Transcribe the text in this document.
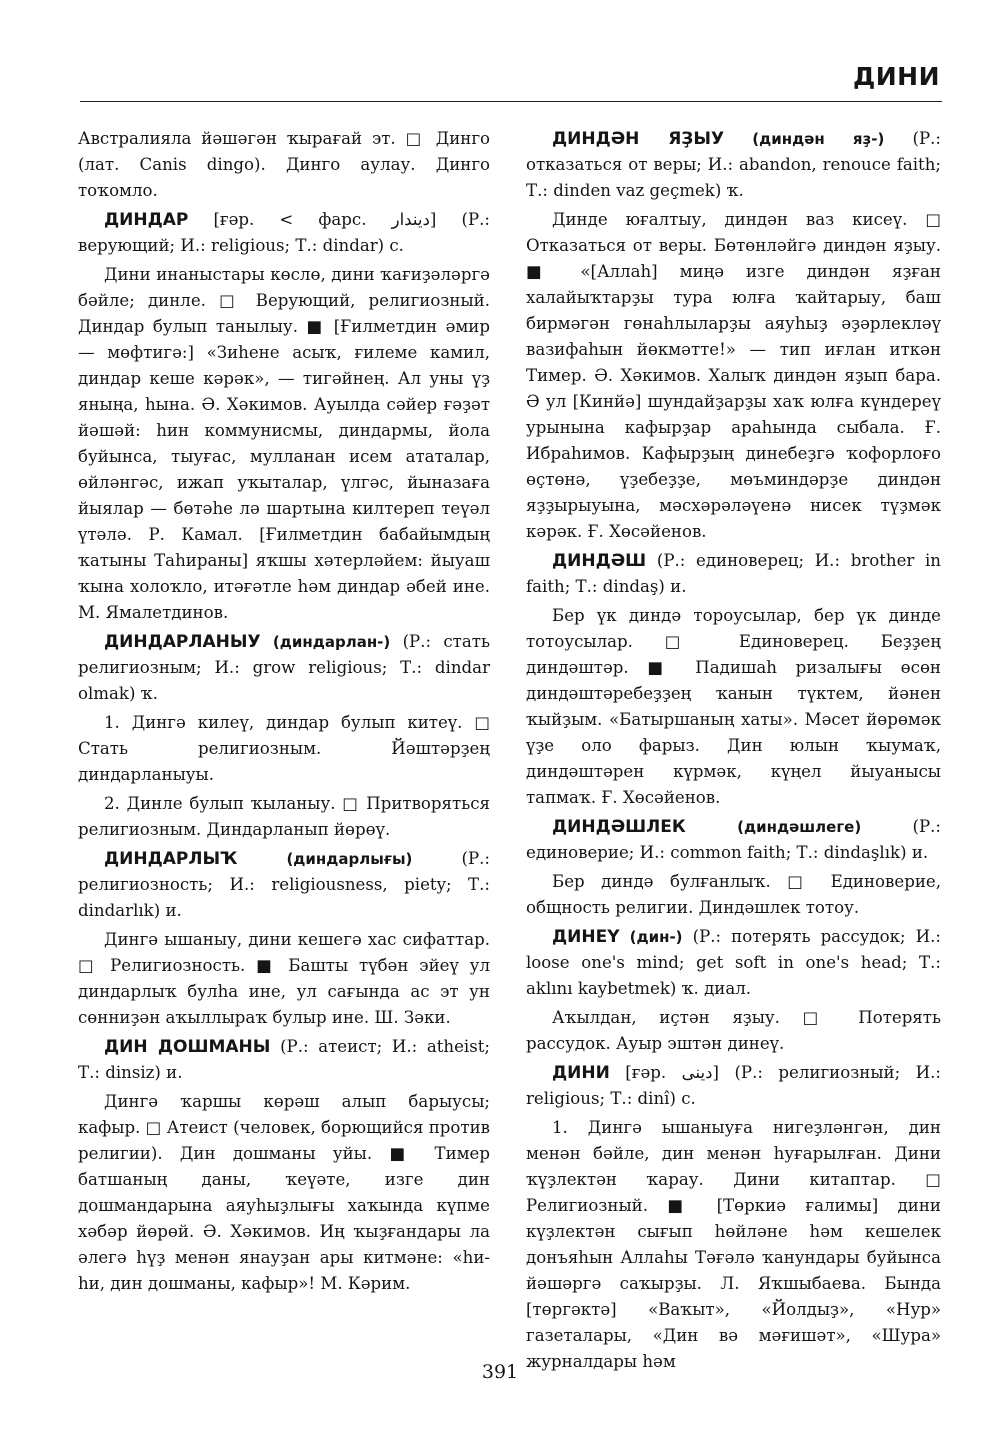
ДИНИ
Австралияла йәшәгән ҡырағай эт. □ Динго (лат. Canis dingo). Динго аулау. Динго тоҡомло.
ДИНДАР [ғәр. < фарс. دیندار] (Р.: верующий; И.: religious; Т.: dindar) с.
Дини инаныстары көслө, дини ҡағиҙәләргә бәйле; динле. □ Верующий, религиозный. Диндар булып танылыу. ■ [Ғилметдин әмир — мөфтигә:] «Зиһене асыҡ, ғилеме камил, диндар кеше кәрәк», — тигәйнең. Ал уны үҙ яныңа, һына. Ә. Хәкимов. Ауылда сәйер ғәҙәт йәшәй: һин коммунисмы, диндармы, йола буйынса, тыуғас, мулланан исем ататалар, өйләнгәс, ижап уҡыталар, үлгәс, йыназаға йыялар — бөтәһе лә шартына килтереп теүәл үтәлә. Р. Камал. [Ғилметдин бабайымдың ҡатыны Таһираны] яҡшы хәтерләйем: йыуаш ҡына холоҡло, итәғәтле һәм диндар әбей ине. М. Ямалетдинов.
ДИНДАРЛАНЫУ (диндарлан-) (Р.: стать религиозным; И.: grow religious; Т.: dindar olmak) ҡ.
1. Дингә килеү, диндар булып китеү. □ Стать религиозным. Йәштәрҙең диндарланыуы.
2. Динле булып ҡыланыу. □ Притворяться религиозным. Диндарланып йөрөү.
ДИНДАРЛЫҠ	(диндарлығы)	(Р.: религиозность; И.: religiousness, piety; Т.: dindarlık) и.
Дингә ышаныу, дини кешегә хас сифаттар. □ Религиозность. ■ Башты түбән эйеү ул диндарлыҡ булһа ине, ул сағында ас эт ун сөнниҙән аҡыллыраҡ булыр ине. Ш. Зәки.
ДИН ДОШМАНЫ (Р.: атеист; И.: atheist; Т.: dinsiz) и.
Дингә ҡаршы көрәш алып барыусы; кафыр. □ Атеист (человек, борющийся против религии). Дин дошманы уйы. ■ Тимер батшаның даны, ҡеүәте, изге дин дошмандарына аяуһыҙлығы хаҡында күпме хәбәр йөрөй. Ә. Хәкимов. Иң ҡыҙғандары ла әлегә һүҙ менән янауҙан ары китмәне: «һи-һи, дин дошманы, кафыр»! М. Кәрим.
ДИНДӘН ЯҘЫУ (диндән яҙ-) (Р.: отказаться от веры; И.: abandon, renouce faith; Т.: dinden vaz geçmek) ҡ.
Динде юғалтыу, диндән ваз кисеү. □ Отказаться от веры. Бөтөнләйгә диндән яҙыу. ■ «[Аллаһ] миңә изге диндән яҙған халайыҡтарҙы тура юлға ҡайтарыу, баш бирмәгән гөнаһлыларҙы аяуһыҙ әҙәрлекләү вазифаһын йөкмәтте!» — тип иғлан иткән Тимер. Ә. Хәкимов. Халыҡ диндән яҙып бара. Ә ул [Кинйә] шундайҙарҙы хаҡ юлға күндереү урынына кафырҙар араһында сыбала. Ғ. Ибраһимов. Кафырҙың динебеҙгә ҡофорлоғо өҫтөнә, үҙебеҙҙе, мөъминдәрҙе диндән яҙҙырыуына, мәсхәрәләүенә нисек түҙмәк кәрәк. Ғ. Хөсәйенов.
ДИНДӘШ (Р.: единоверец; И.: brother in faith; Т.: dindaş) и.
Бер үк диндә тороусылар, бер үк динде тотоусылар. □ Единоверец. Беҙҙең диндәштәр. ■ Падишаһ ризалығы өсөн диндәштәребеҙҙең ҡанын түктем, йәнен ҡыйҙым. «Батыршаның хаты». Мәсет йөрөмәк үҙе оло фарыз. Дин юлын ҡыумаҡ, диндәштәрен күрмәк, күңел йыуанысы тапмаҡ. Ғ. Хөсәйенов.
ДИНДӘШЛЕК	(диндәшлеге)	(Р.: единоверие; И.: common faith; Т.: dindaşlık) и.
Бер диндә булғанлыҡ. □ Единоверие, общность религии. Диндәшлек тотоу.
ДИНЕҮ (дин-) (Р.: потерять рассудок; И.: loose one's mind; get soft in one's head; Т.: aklını kaybetmek) ҡ. диал.
Аҡылдан, иҫтән яҙыу. □ Потерять рассудок. Ауыр эштән динеү.
ДИНИ [ғәр. دینی] (Р.: религиозный; И.: religious; Т.: dinî) с.
1. Дингә ышаныуға нигеҙләнгән, дин менән бәйле, дин менән һуғарылған. Дини ҡүҙлектән ҡарау. Дини китаптар. □ Религиозный. ■ [Төркиә ғалимы] дини күҙлектән сығып һөйләне һәм кешелек донъяһын Аллаһы Тәғәлә ҡанундары буйынса йәшәргә саҡырҙы. Л. Яҡшыбаева. Бында [төргәктә] «Ваҡыт», «Йолдыҙ», «Нур» газеталары, «Дин вә мәғишәт», «Шура» журналдары һәм
391
